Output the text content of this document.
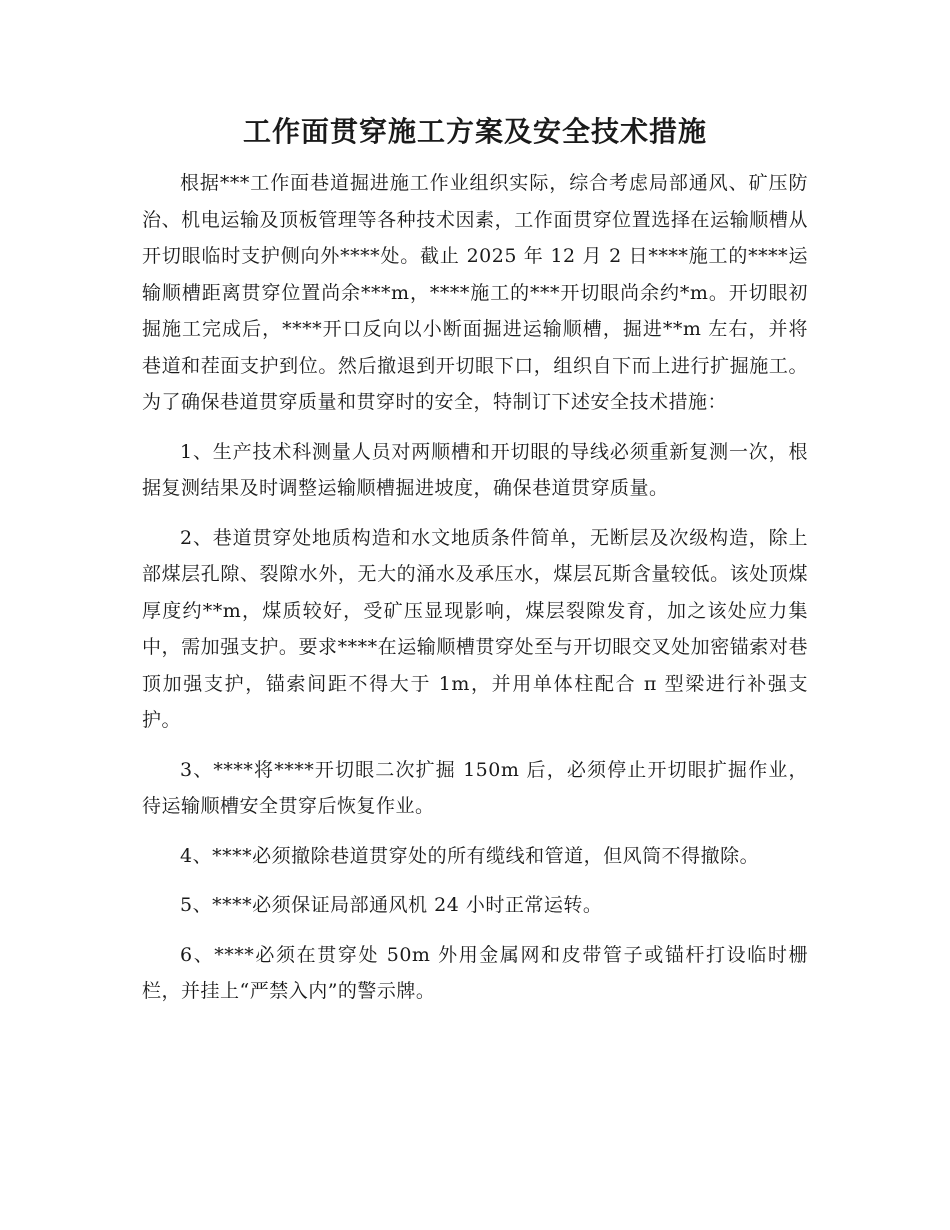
工作面贯穿施工方案及安全技术措施

根据***工作面巷道掘进施工作业组织实际，综合考虑局部通风、矿压防治、机电运输及顶板管理等各种技术因素，工作面贯穿位置选择在运输顺槽从开切眼临时支护侧向外****处。截止 2025 年 12 月 2 日****施工的****运输顺槽距离贯穿位置尚余***m，****施工的***开切眼尚余约*m。开切眼初掘施工完成后，****开口反向以小断面掘进运输顺槽，掘进**m 左右，并将巷道和茬面支护到位。然后撤退到开切眼下口，组织自下而上进行扩掘施工。为了确保巷道贯穿质量和贯穿时的安全，特制订下述安全技术措施：

1、生产技术科测量人员对两顺槽和开切眼的导线必须重新复测一次，根据复测结果及时调整运输顺槽掘进坡度，确保巷道贯穿质量。

2、巷道贯穿处地质构造和水文地质条件简单，无断层及次级构造，除上部煤层孔隙、裂隙水外，无大的涌水及承压水，煤层瓦斯含量较低。该处顶煤厚度约**m，煤质较好，受矿压显现影响，煤层裂隙发育，加之该处应力集中，需加强支护。要求****在运输顺槽贯穿处至与开切眼交叉处加密锚索对巷顶加强支护，锚索间距不得大于 1m，并用单体柱配合 π 型梁进行补强支护。

3、****将****开切眼二次扩掘 150m 后，必须停止开切眼扩掘作业，待运输顺槽安全贯穿后恢复作业。

4、****必须撤除巷道贯穿处的所有缆线和管道，但风筒不得撤除。

5、****必须保证局部通风机 24 小时正常运转。

6、****必须在贯穿处 50m 外用金属网和皮带管子或锚杆打设临时栅栏，并挂上“严禁入内”的警示牌。
